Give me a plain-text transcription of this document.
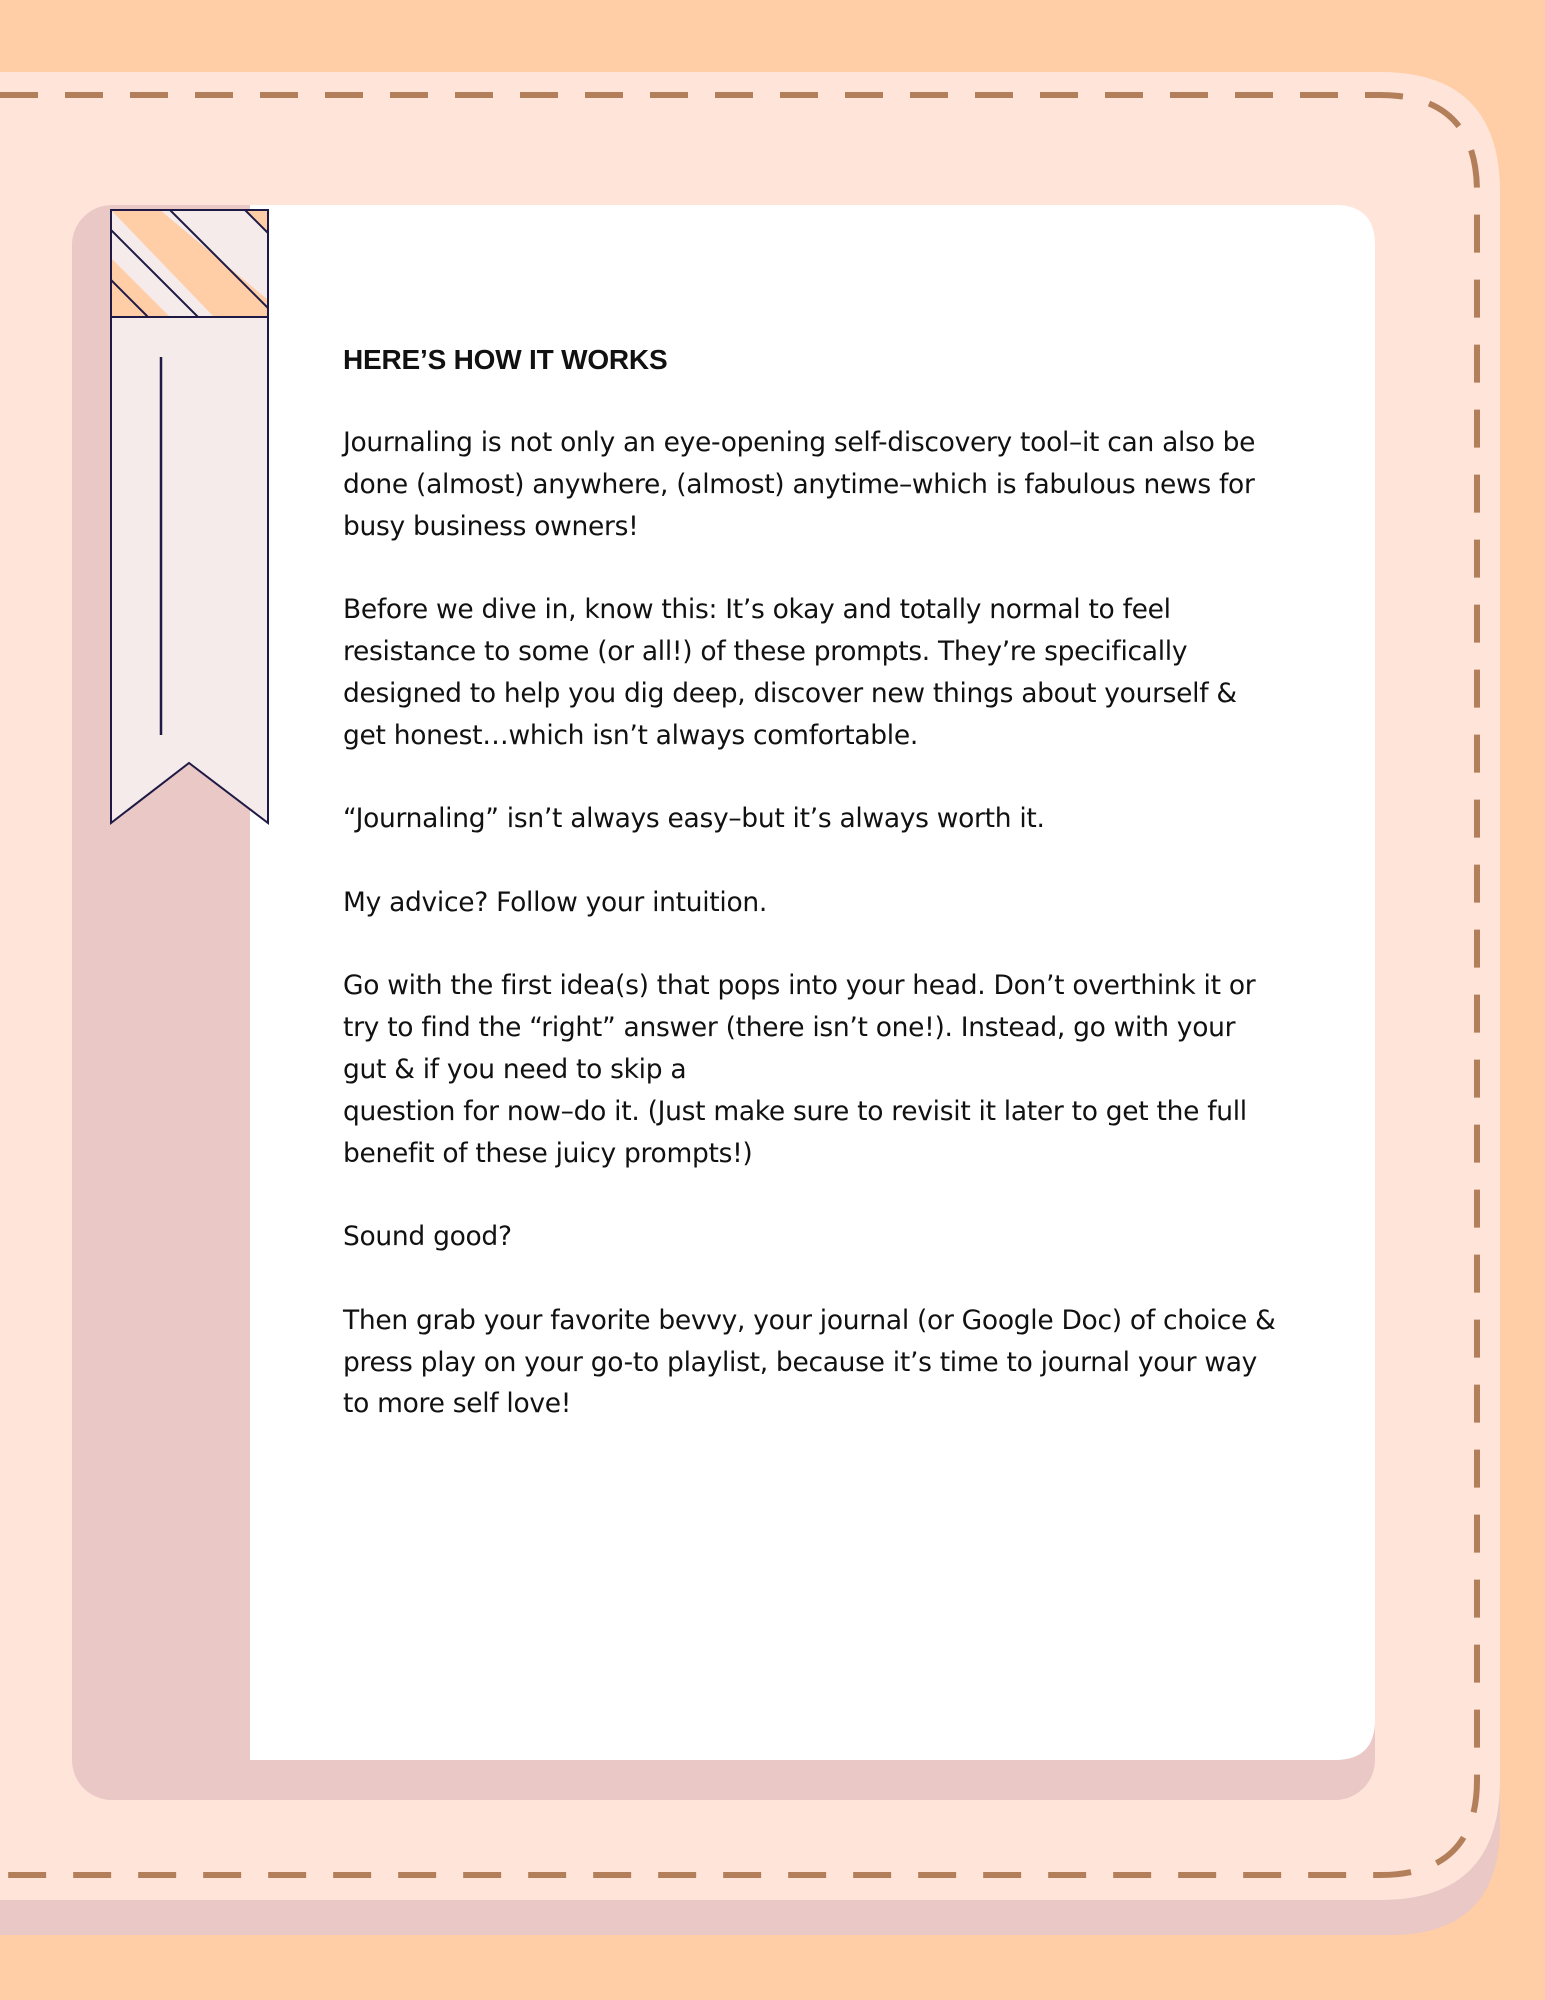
HERE’S HOW IT WORKS

Journaling is not only an eye-opening self-discovery tool–it can also be done (almost) anywhere, (almost) anytime–which is fabulous news for busy business owners!

Before we dive in, know this: It’s okay and totally normal to feel resistance to some (or all!) of these prompts. They’re specifically designed to help you dig deep, discover new things about yourself & get honest…which isn’t always comfortable.

“Journaling” isn’t always easy–but it’s always worth it.

My advice? Follow your intuition.

Go with the first idea(s) that pops into your head. Don’t overthink it or try to find the “right” answer (there isn’t one!). Instead, go with your gut & if you need to skip a
question for now–do it. (Just make sure to revisit it later to get the full benefit of these juicy prompts!)

Sound good?

Then grab your favorite bevvy, your journal (or Google Doc) of choice & press play on your go-to playlist, because it’s time to journal your way to more self love!
